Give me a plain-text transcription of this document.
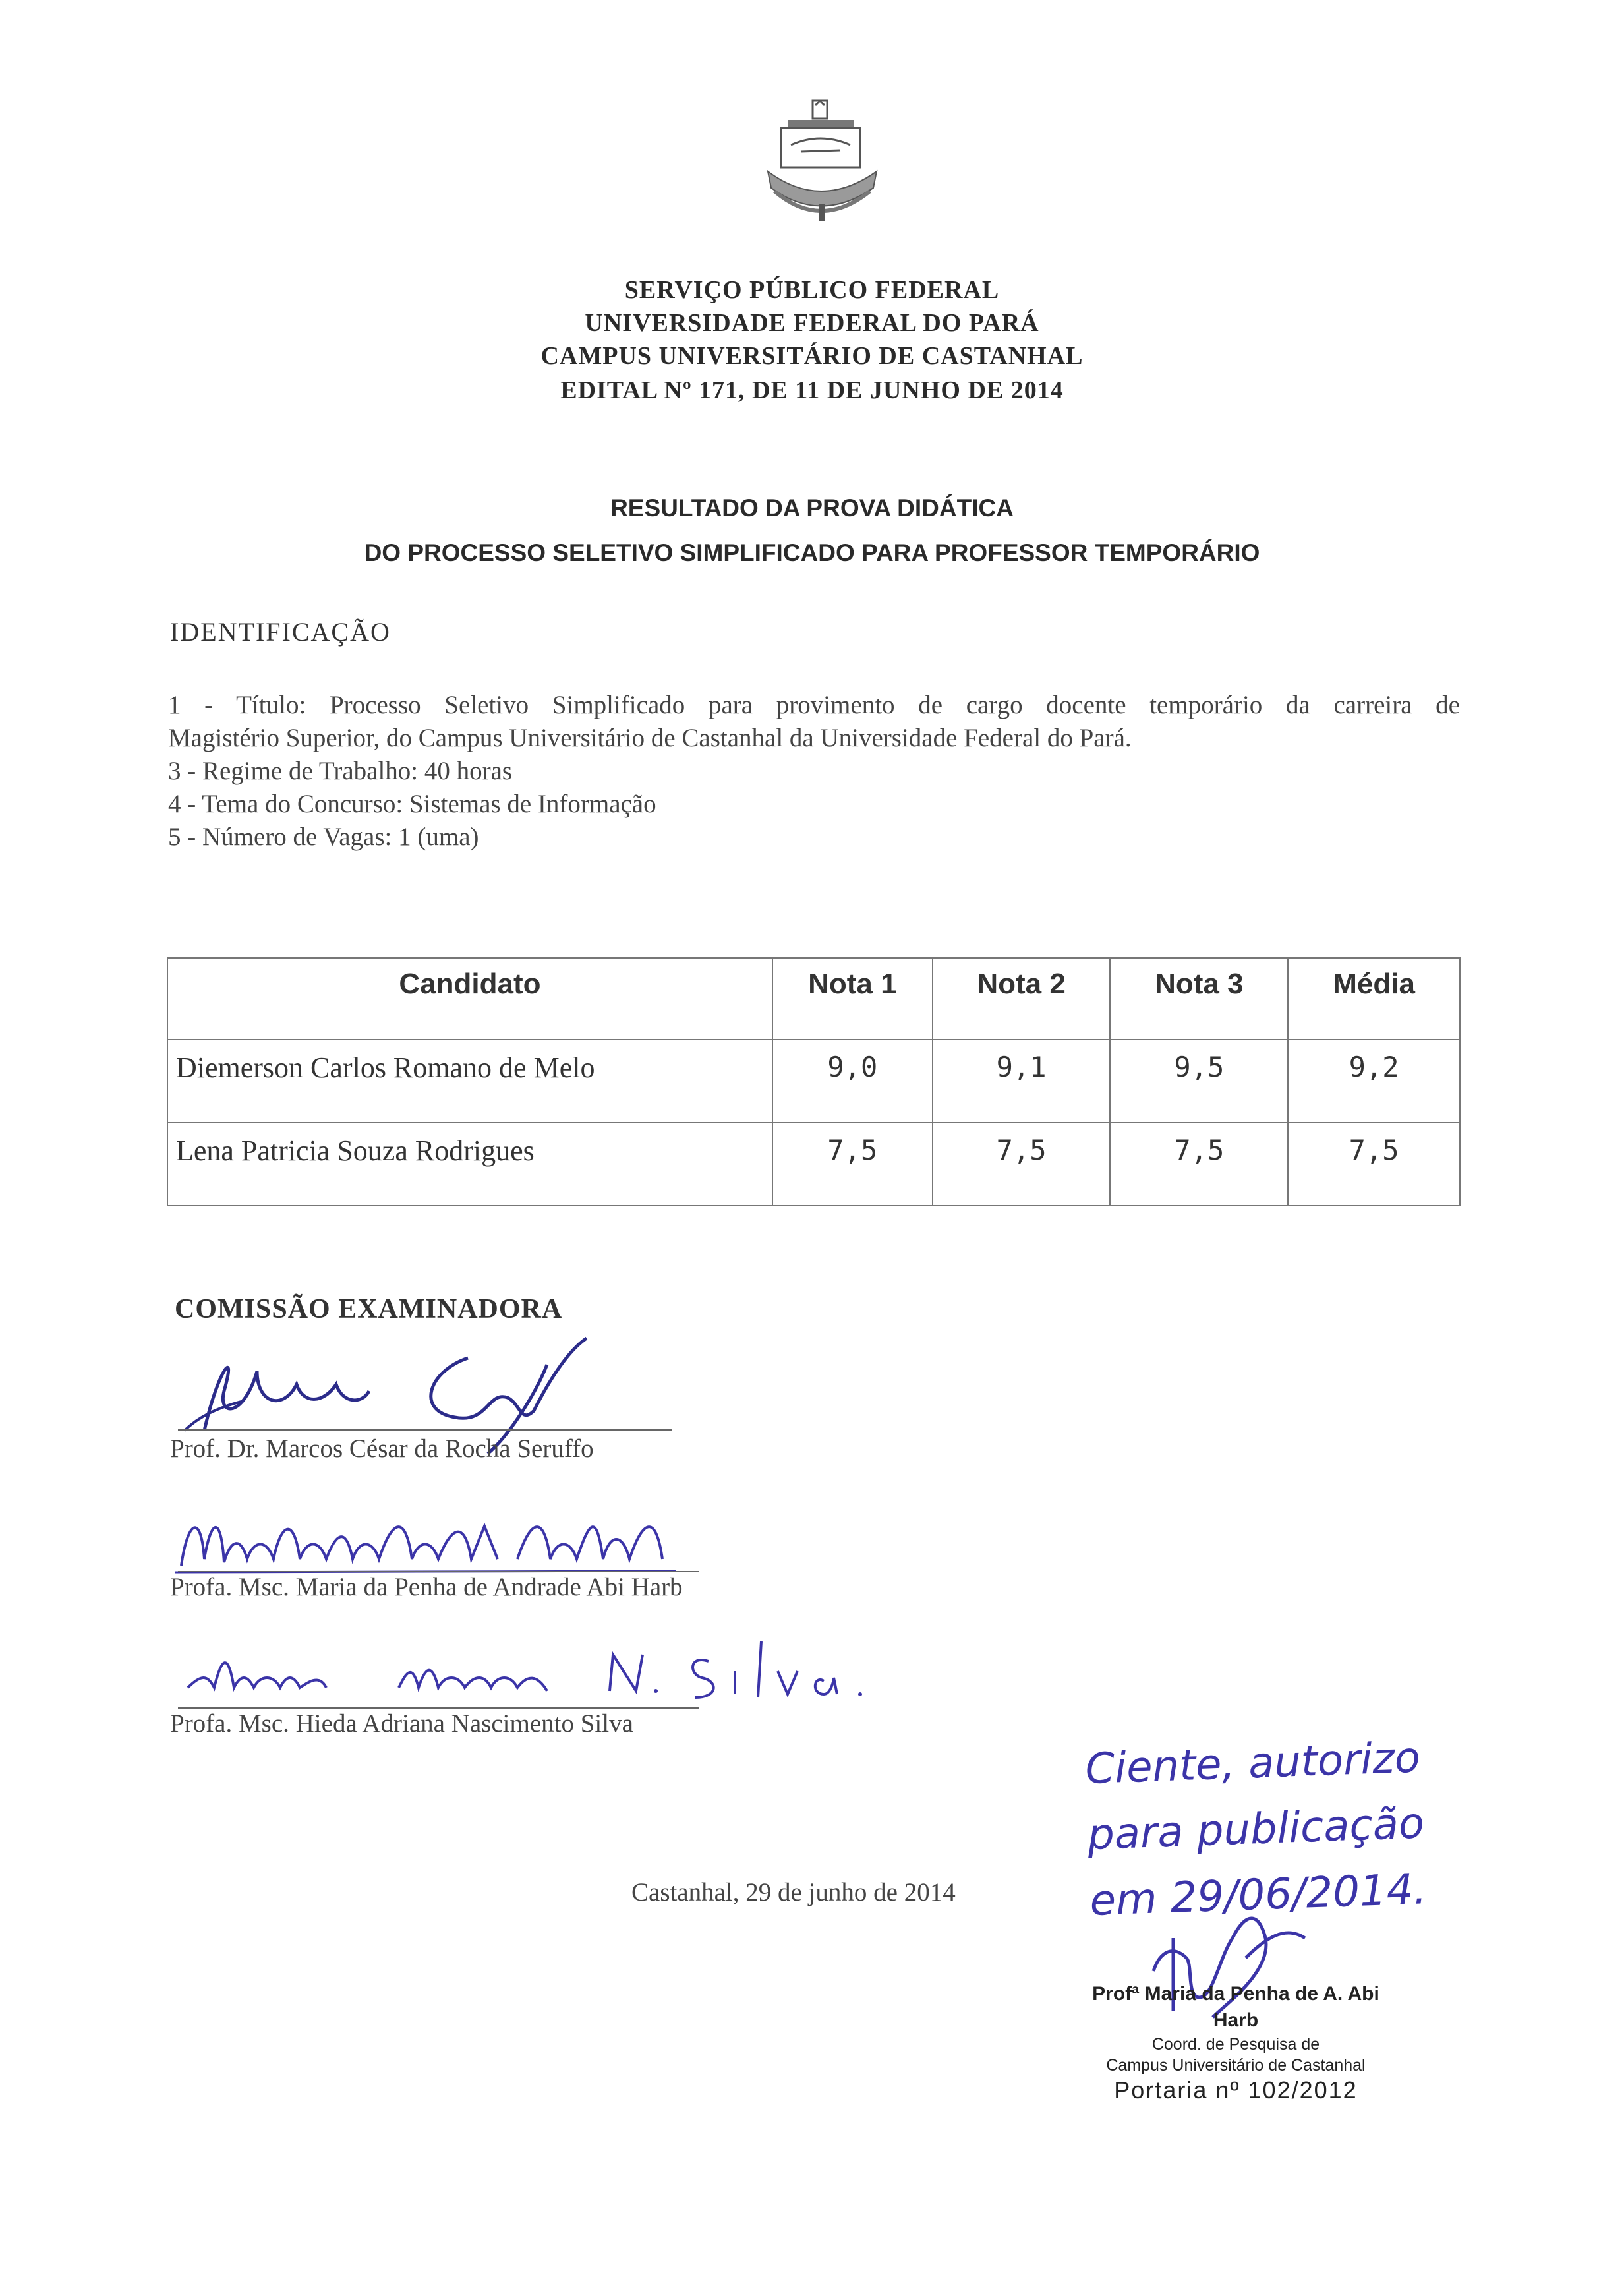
SERVIÇO PÚBLICO FEDERAL
UNIVERSIDADE FEDERAL DO PARÁ
CAMPUS UNIVERSITÁRIO DE CASTANHAL
EDITAL Nº 171, DE 11 DE JUNHO DE 2014
RESULTADO DA PROVA DIDÁTICA
DO PROCESSO SELETIVO SIMPLIFICADO PARA PROFESSOR TEMPORÁRIO
IDENTIFICAÇÃO
1 - Título: Processo Seletivo Simplificado para provimento de cargo docente temporário da carreira de
Magistério Superior, do Campus Universitário de Castanhal da Universidade Federal do Pará.
3 - Regime de Trabalho: 40 horas
4 - Tema do Concurso: Sistemas de Informação
5 - Número de Vagas: 1 (uma)
Candidato	Nota 1	Nota 2	Nota 3	Média
Diemerson Carlos Romano de Melo	9,0	9,1	9,5	9,2
Lena Patricia Souza Rodrigues	7,5	7,5	7,5	7,5
COMISSÃO EXAMINADORA
Prof. Dr. Marcos César da Rocha Seruffo
Profa. Msc. Maria da Penha de Andrade Abi Harb
Profa. Msc. Hieda Adriana Nascimento Silva
Castanhal, 29 de junho de 2014
Ciente, autorizo
para publicação
em 29/06/2014.
Profª Maria da Penha de A. Abi Harb
Coord. de Pesquisa de
Campus Universitário de Castanhal
Portaria nº 102/2012
